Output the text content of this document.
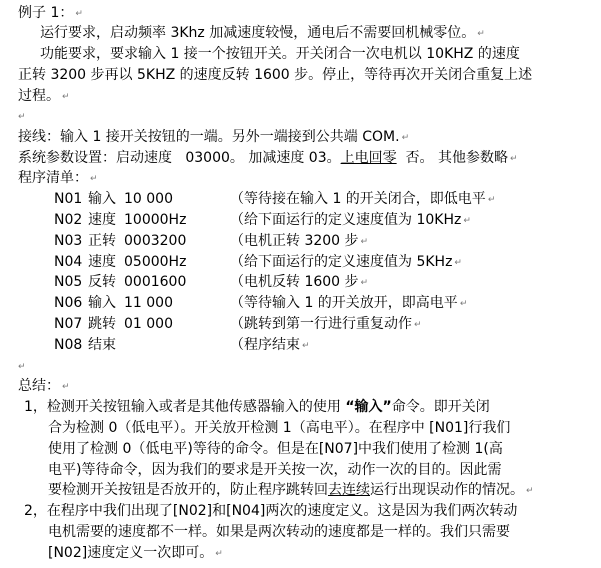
例子 1： ↵
运行要求，启动频率 3Khz 加减速度较慢，通电后不需要回机械零位。 ↵
功能要求，要求输入 1 接一个按钮开关。开关闭合一次电机以 10KHZ 的速度
正转 3200 步再以 5KHZ 的速度反转 1600 步。停止，等待再次开关闭合重复上述
过程。 ↵
↵
接线：输入 1 接开关按钮的一端。另外一端接到公共端 COM. ↵
系统参数设置：启动速度   03000。 加减速度 03。上电回零  否。 其他参数略 ↵
程序清单： ↵
N01 输入 10 000	（等待接在输入 1 的开关闭合，即低电平 ↵
N02 速度 10000Hz	（给下面运行的定义速度值为 10KHz ↵
N03 正转 0003200	（电机正转 3200 步 ↵
N04 速度 05000Hz	（给下面运行的定义速度值为 5KHz ↵
N05 反转 0001600	（电机反转 1600 步 ↵
N06 输入 11 000	（等待输入 1 的开关放开，即高电平 ↵
N07 跳转 01 000	（跳转到第一行进行重复动作 ↵
N08 结束	（程序结束 ↵
↵
总结： ↵
1，检测开关按钮输入或者是其他传感器输入的使用 “输入”命令。即开关闭
合为检测 0（低电平）。开关放开检测 1（高电平）。在程序中 [N01]行我们
使用了检测 0（低电平)等待的命令。但是在[N07]中我们使用了检测 1(高
电平)等待命令，因为我们的要求是开关按一次，动作一次的目的。因此需
要检测开关按钮是否放开的，防止程序跳转回去连续运行出现误动作的情况。 ↵
2，在程序中我们出现了[N02]和[N04]两次的速度定义。这是因为我们两次转动
电机需要的速度都不一样。如果是两次转动的速度都是一样的。我们只需要
[N02]速度定义一次即可。 ↵
